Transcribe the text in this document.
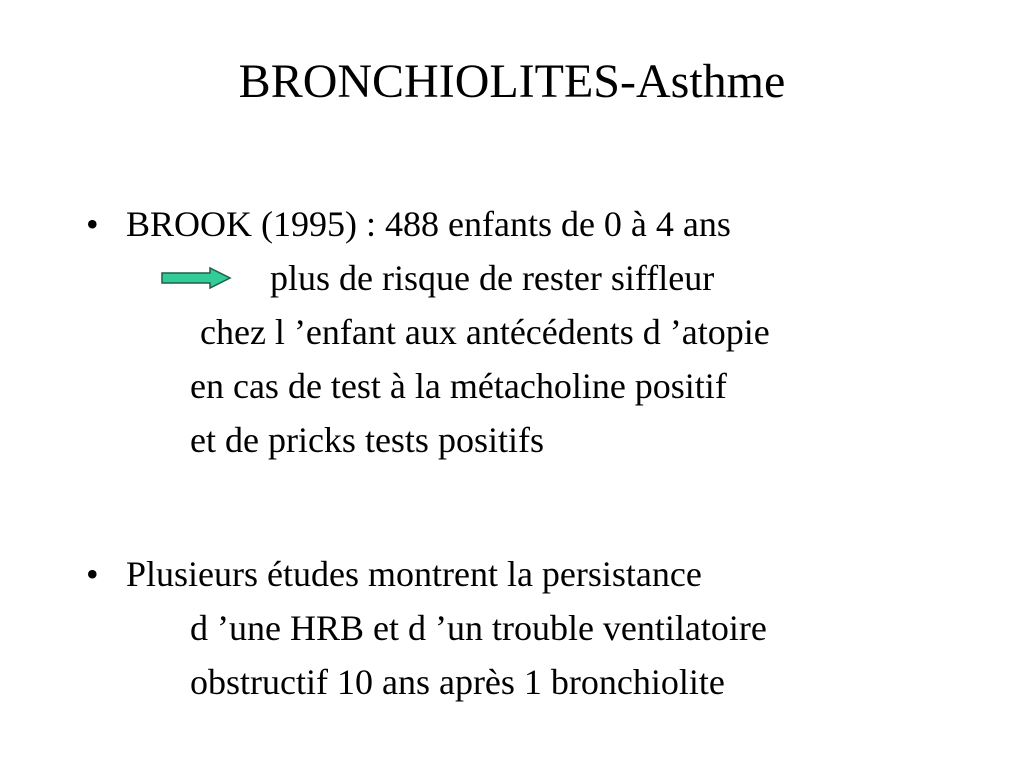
BRONCHIOLITES-Asthme
• BROOK (1995) : 488 enfants de 0 à 4 ans
plus de risque de rester siffleur
chez l ’enfant aux antécédents d ’atopie
en cas de test à la métacholine positif
et de pricks tests positifs
• Plusieurs études montrent la persistance
d ’une HRB et d ’un trouble ventilatoire
obstructif 10 ans après 1 bronchiolite
